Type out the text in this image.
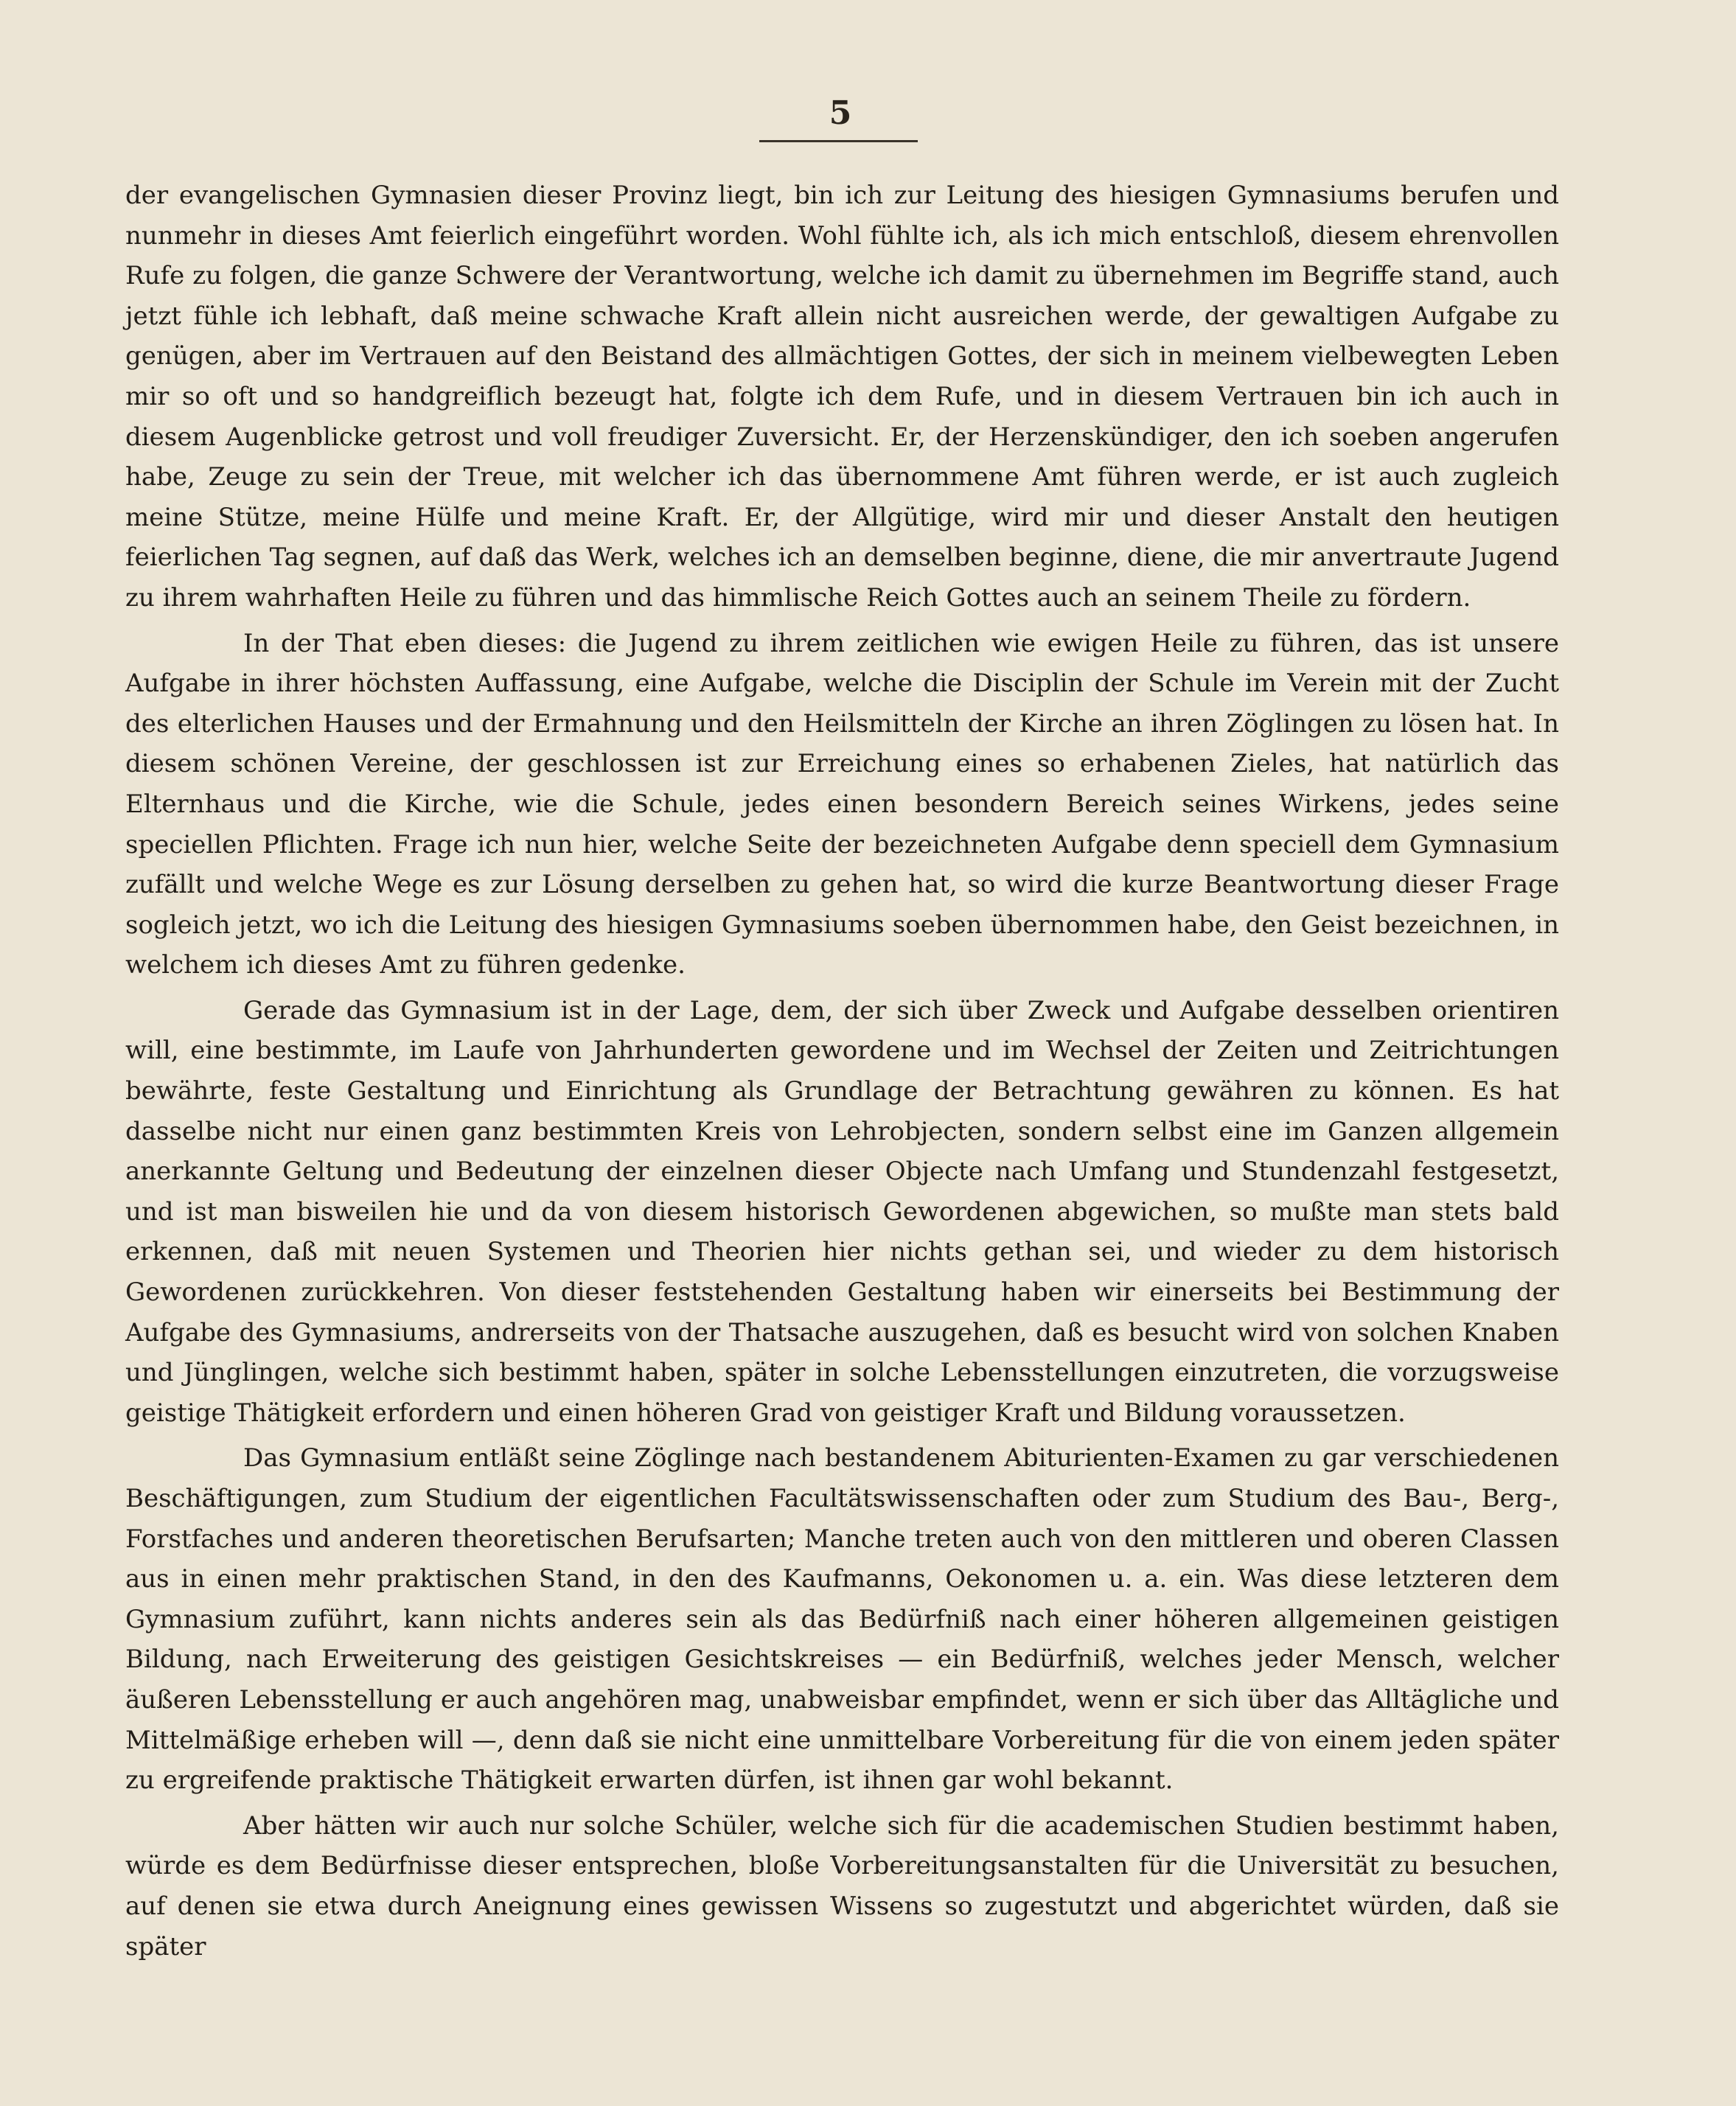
5

der evangelischen Gymnasien dieser Provinz liegt, bin ich zur Leitung des hiesigen Gymnasiums berufen und nunmehr in dieses Amt feierlich eingeführt worden. Wohl fühlte ich, als ich mich entschloß, diesem ehrenvollen Rufe zu folgen, die ganze Schwere der Verantwortung, welche ich damit zu übernehmen im Begriffe stand, auch jetzt fühle ich lebhaft, daß meine schwache Kraft allein nicht ausreichen werde, der gewaltigen Aufgabe zu genügen, aber im Vertrauen auf den Beistand des allmächtigen Gottes, der sich in meinem vielbewegten Leben mir so oft und so handgreiflich bezeugt hat, folgte ich dem Rufe, und in diesem Vertrauen bin ich auch in diesem Augenblicke getrost und voll freudiger Zuversicht. Er, der Herzenskündiger, den ich soeben angerufen habe, Zeuge zu sein der Treue, mit welcher ich das übernommene Amt führen werde, er ist auch zugleich meine Stütze, meine Hülfe und meine Kraft. Er, der Allgütige, wird mir und dieser Anstalt den heutigen feierlichen Tag segnen, auf daß das Werk, welches ich an demselben beginne, diene, die mir anvertraute Jugend zu ihrem wahrhaften Heile zu führen und das himmlische Reich Gottes auch an seinem Theile zu fördern.

In der That eben dieses: die Jugend zu ihrem zeitlichen wie ewigen Heile zu führen, das ist unsere Aufgabe in ihrer höchsten Auffassung, eine Aufgabe, welche die Disciplin der Schule im Verein mit der Zucht des elterlichen Hauses und der Ermahnung und den Heilsmitteln der Kirche an ihren Zöglingen zu lösen hat. In diesem schönen Vereine, der geschlossen ist zur Erreichung eines so erhabenen Zieles, hat natürlich das Elternhaus und die Kirche, wie die Schule, jedes einen besondern Bereich seines Wirkens, jedes seine speciellen Pflichten. Frage ich nun hier, welche Seite der bezeichneten Aufgabe denn speciell dem Gymnasium zufällt und welche Wege es zur Lösung derselben zu gehen hat, so wird die kurze Beantwortung dieser Frage sogleich jetzt, wo ich die Leitung des hiesigen Gymnasiums soeben übernommen habe, den Geist bezeichnen, in welchem ich dieses Amt zu führen gedenke.

Gerade das Gymnasium ist in der Lage, dem, der sich über Zweck und Aufgabe desselben orientiren will, eine bestimmte, im Laufe von Jahrhunderten gewordene und im Wechsel der Zeiten und Zeitrichtungen bewährte, feste Gestaltung und Einrichtung als Grundlage der Betrachtung gewähren zu können. Es hat dasselbe nicht nur einen ganz bestimmten Kreis von Lehrobjecten, sondern selbst eine im Ganzen allgemein anerkannte Geltung und Bedeutung der einzelnen dieser Objecte nach Umfang und Stundenzahl festgesetzt, und ist man bisweilen hie und da von diesem historisch Gewordenen abgewichen, so mußte man stets bald erkennen, daß mit neuen Systemen und Theorien hier nichts gethan sei, und wieder zu dem historisch Gewordenen zurückkehren. Von dieser feststehenden Gestaltung haben wir einerseits bei Bestimmung der Aufgabe des Gymnasiums, andrerseits von der Thatsache auszugehen, daß es besucht wird von solchen Knaben und Jünglingen, welche sich bestimmt haben, später in solche Lebensstellungen einzutreten, die vorzugsweise geistige Thätigkeit erfordern und einen höheren Grad von geistiger Kraft und Bildung voraussetzen.

Das Gymnasium entläßt seine Zöglinge nach bestandenem Abiturienten-Examen zu gar verschiedenen Beschäftigungen, zum Studium der eigentlichen Facultätswissenschaften oder zum Studium des Bau-, Berg-, Forstfaches und anderen theoretischen Berufsarten; Manche treten auch von den mittleren und oberen Classen aus in einen mehr praktischen Stand, in den des Kaufmanns, Oekonomen u. a. ein. Was diese letzteren dem Gymnasium zuführt, kann nichts anderes sein als das Bedürfniß nach einer höheren allgemeinen geistigen Bildung, nach Erweiterung des geistigen Gesichtskreises — ein Bedürfniß, welches jeder Mensch, welcher äußeren Lebensstellung er auch angehören mag, unabweisbar empfindet, wenn er sich über das Alltägliche und Mittelmäßige erheben will —, denn daß sie nicht eine unmittelbare Vorbereitung für die von einem jeden später zu ergreifende praktische Thätigkeit erwarten dürfen, ist ihnen gar wohl bekannt.

Aber hätten wir auch nur solche Schüler, welche sich für die academischen Studien bestimmt haben, würde es dem Bedürfnisse dieser entsprechen, bloße Vorbereitungsanstalten für die Universität zu besuchen, auf denen sie etwa durch Aneignung eines gewissen Wissens so zugestutzt und abgerichtet würden, daß sie später
